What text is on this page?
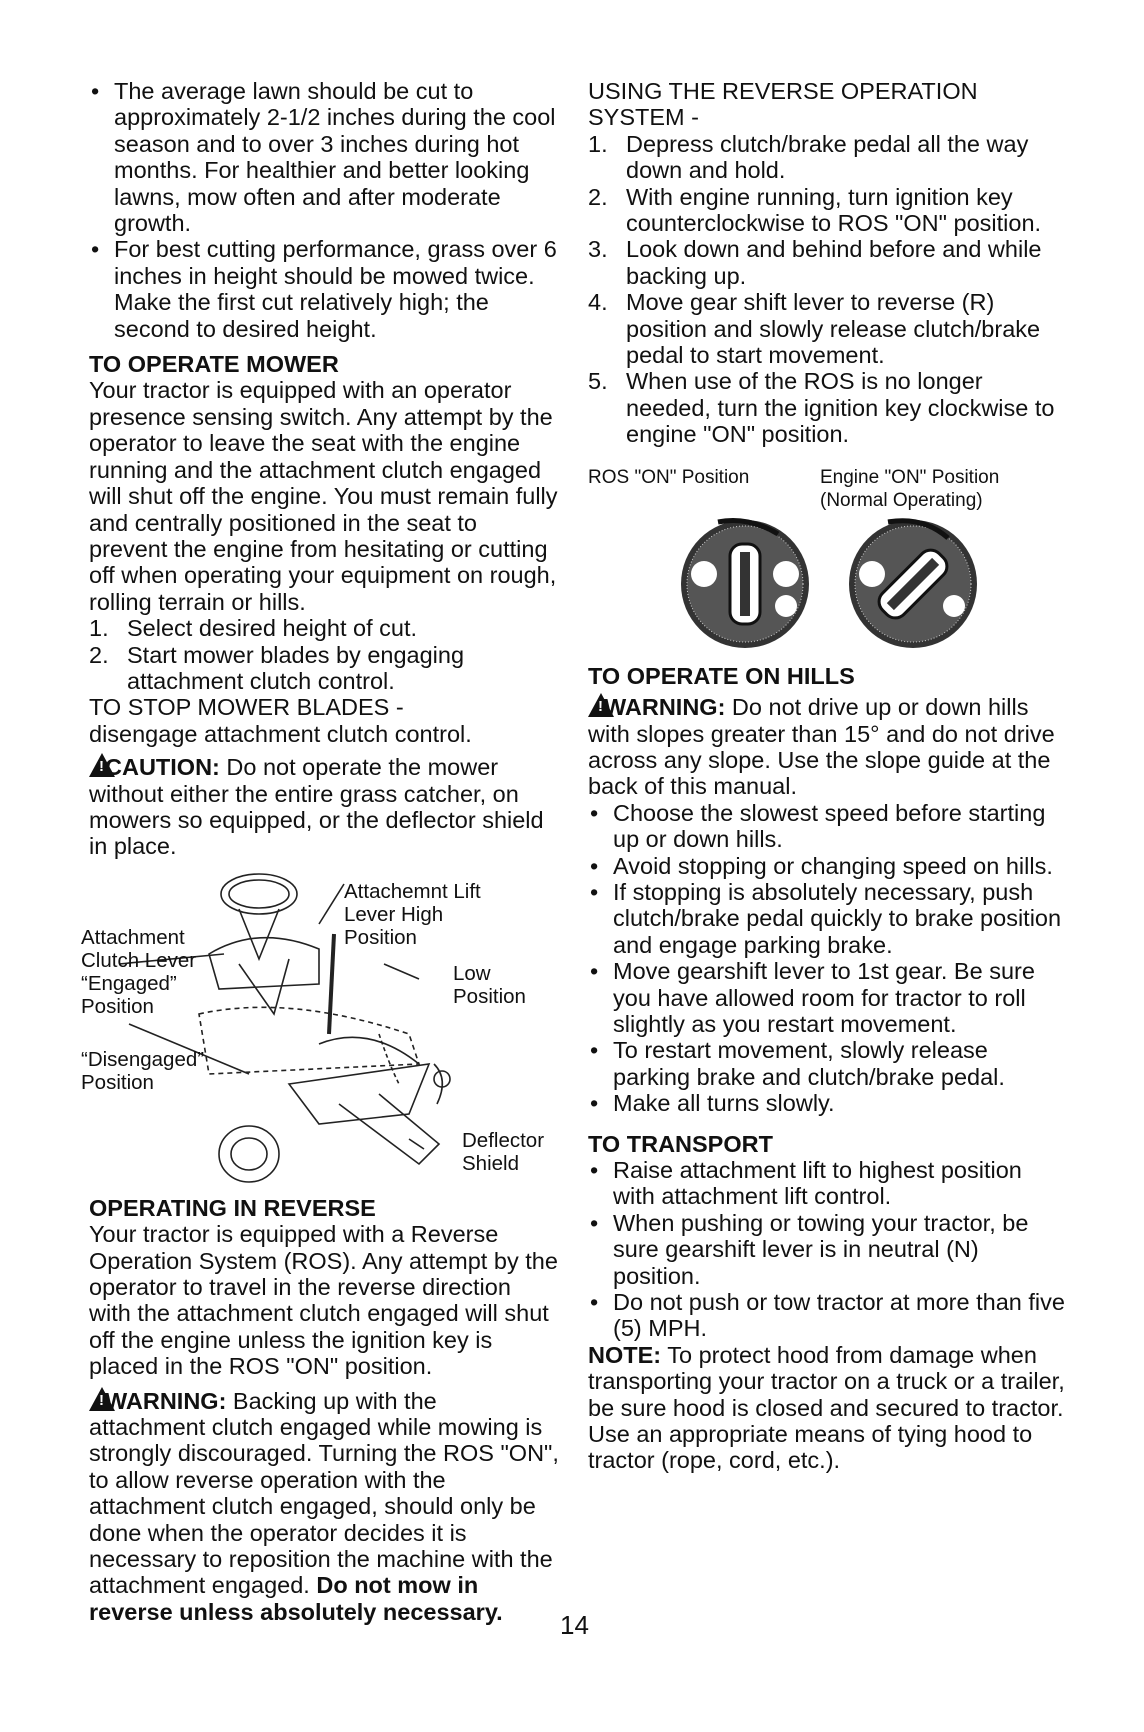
• The average lawn should be cut to approximately 2-1/2 inches during the cool season and to over 3 inches during hot months. For healthier and better looking lawns, mow often and after moderate growth.

• For best cutting performance, grass over 6 inches in height should be mowed twice. Make the first cut relatively high; the second to desired height.

TO OPERATE MOWER

Your tractor is equipped with an operator presence sensing switch. Any attempt by the operator to leave the seat with the engine running and the attachment clutch engaged will shut off the engine. You must remain fully and centrally positioned in the seat to prevent the engine from hesitating or cutting off when operating your equipment on rough, rolling terrain or hills.

1. Select desired height of cut.

2. Start mower blades by engaging attachment clutch control.

TO STOP MOWER BLADES -

disengage attachment clutch control.

!CAUTION: Do not operate the mower without either the entire grass catcher, on mowers so equipped, or the deflector shield in place.

Attachemnt Lift Lever High Position
Attachment Clutch Lever “Engaged” Position
Low Position
“Disengaged” Position
Deflector Shield

OPERATING IN REVERSE

Your tractor is equipped with a Reverse Operation System (ROS). Any attempt by the operator to travel in the reverse direction with the attachment clutch engaged will shut off the engine unless the ignition key is placed in the ROS "ON" position.

!WARNING: Backing up with the attachment clutch engaged while mowing is strongly discouraged. Turning the ROS "ON", to allow reverse operation with the attachment clutch engaged, should only be done when the operator decides it is necessary to reposition the machine with the attachment engaged. Do not mow in reverse unless absolutely necessary.

USING THE REVERSE OPERATION SYSTEM -

1. Depress clutch/brake pedal all the way down and hold.

2. With engine running, turn ignition key counterclockwise to ROS "ON" position.

3. Look down and behind before and while backing up.

4. Move gear shift lever to reverse (R) position and slowly release clutch/brake pedal to start movement.

5. When use of the ROS is no longer needed, turn the ignition key clockwise to engine "ON" position.

ROS "ON" Position	Engine "ON" Position
(Normal Operating)

TO OPERATE ON HILLS

!WARNING: Do not drive up or down hills with slopes greater than 15° and do not drive across any slope. Use the slope guide at the back of this manual.

• Choose the slowest speed before starting up or down hills.

• Avoid stopping or changing speed on hills.

• If stopping is absolutely necessary, push clutch/brake pedal quickly to brake position and engage parking brake.

• Move gearshift lever to 1st gear. Be sure you have allowed room for tractor to roll slightly as you restart movement.

• To restart movement, slowly release parking brake and clutch/brake pedal.

• Make all turns slowly.

TO TRANSPORT

• Raise attachment lift to highest position with attachment lift control.

• When pushing or towing your tractor, be sure gearshift lever is in neutral (N) position.

• Do not push or tow tractor at more than five (5) MPH.

NOTE: To protect hood from damage when transporting your tractor on a truck or a trailer, be sure hood is closed and secured to tractor. Use an appropriate means of tying hood to tractor (rope, cord, etc.).

14
